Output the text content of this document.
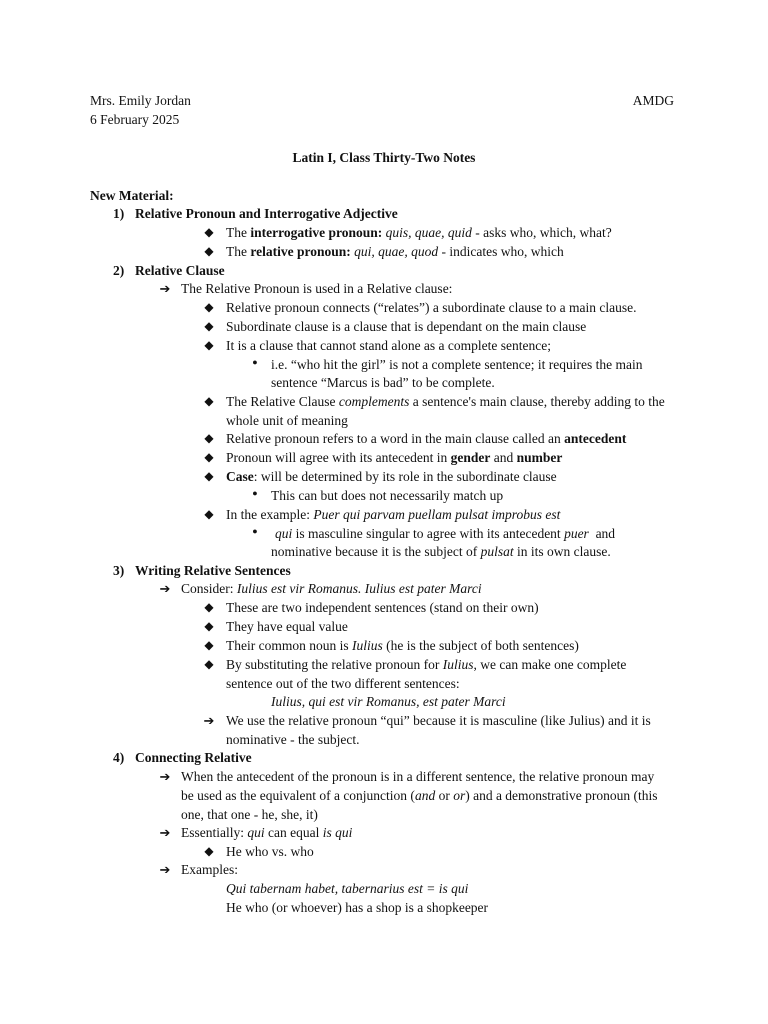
Mrs. Emily Jordan	AMDG
6 February 2025
Latin I, Class Thirty-Two Notes
New Material:
1) Relative Pronoun and Interrogative Adjective
◆ The interrogative pronoun: quis, quae, quid - asks who, which, what?
◆ The relative pronoun: qui, quae, quod - indicates who, which
2) Relative Clause
➔ The Relative Pronoun is used in a Relative clause:
◆ Relative pronoun connects (“relates”) a subordinate clause to a main clause.
◆ Subordinate clause is a clause that is dependant on the main clause
◆ It is a clause that cannot stand alone as a complete sentence;
● i.e. “who hit the girl” is not a complete sentence; it requires the main
sentence “Marcus is bad” to be complete.
◆ The Relative Clause complements a sentence's main clause, thereby adding to the
whole unit of meaning
◆ Relative pronoun refers to a word in the main clause called an antecedent
◆ Pronoun will agree with its antecedent in gender and number
◆ Case: will be determined by its role in the subordinate clause
● This can but does not necessarily match up
◆ In the example: Puer qui parvam puellam pulsat improbus est
●	qui is masculine singular to agree with its antecedent puer  and
nominative because it is the subject of pulsat in its own clause.
3) Writing Relative Sentences
➔ Consider: Iulius est vir Romanus. Iulius est pater Marci
◆ These are two independent sentences (stand on their own)
◆ They have equal value
◆ Their common noun is Iulius (he is the subject of both sentences)
◆ By substituting the relative pronoun for Iulius, we can make one complete
sentence out of the two different sentences:
Iulius, qui est vir Romanus, est pater Marci
➔ We use the relative pronoun “qui” because it is masculine (like Julius) and it is
nominative - the subject.
4) Connecting Relative
➔ When the antecedent of the pronoun is in a different sentence, the relative pronoun may
be used as the equivalent of a conjunction (and or or) and a demonstrative pronoun (this
one, that one - he, she, it)
➔ Essentially: qui can equal is qui
◆ He who vs. who
➔ Examples:
Qui tabernam habet, tabernarius est = is qui
He who (or whoever) has a shop is a shopkeeper
